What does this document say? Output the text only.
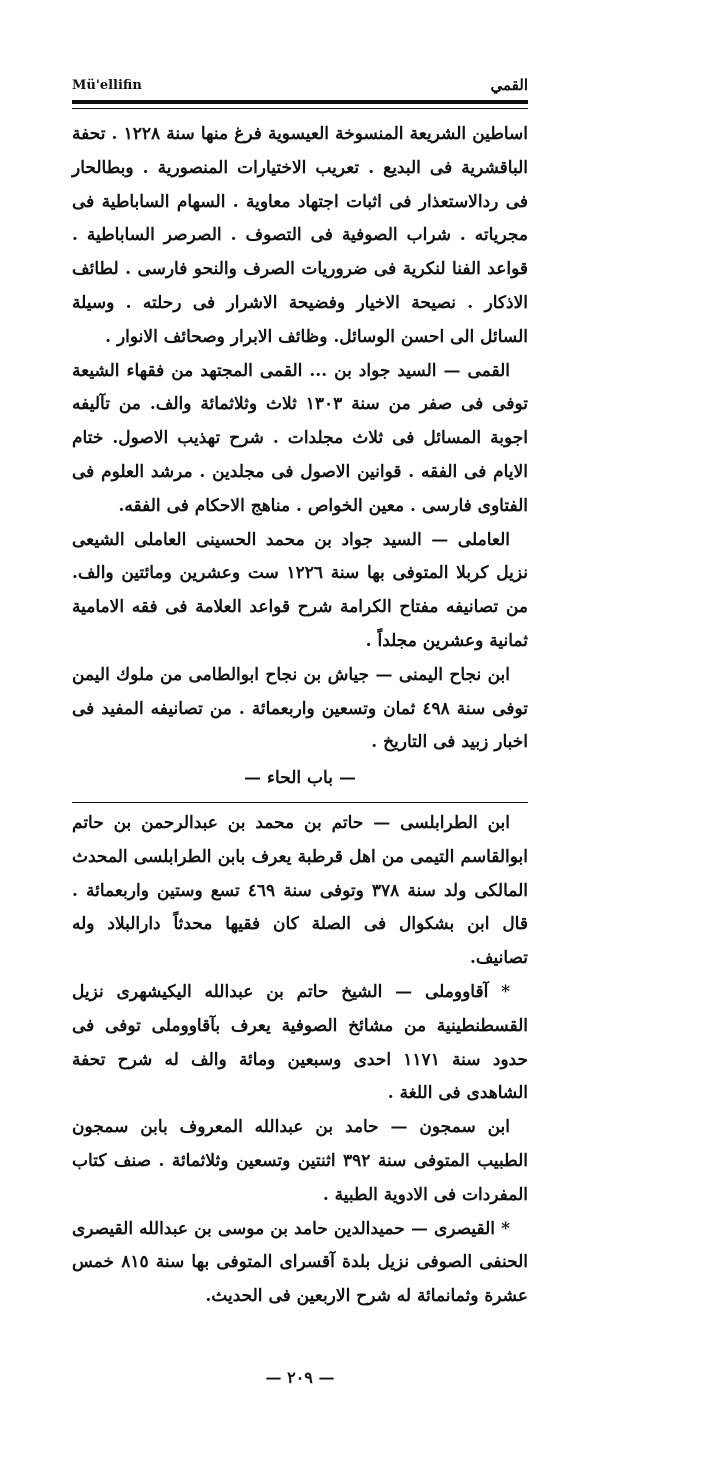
Mü'ellifin	القمي

اساطين الشريعة المنسوخة العيسوية فرغ منها سنة ١٢٢٨ . تحفة الباقشرية فى البديع . تعريب الاختيارات المنصورية . وبطالحار فى ردالاستعذار فى اثبات اجتهاد معاوية . السهام الساباطية فى مجرياته . شراب الصوفية فى التصوف . الصرصر الساباطية . قواعد الفنا لنكرية فى ضروريات الصرف والنحو فارسى . لطائف الاذكار . نصيحة الاخيار وفضيحة الاشرار فى رحلته . وسيلة السائل الى احسن الوسائل. وظائف الابرار وصحائف الانوار .

القمى — السيد جواد بن ... القمى المجتهد من فقهاء الشيعة توفى فى صفر من سنة ١٣٠٣ ثلاث وثلاثمائة والف. من تآليفه اجوبة المسائل فى ثلاث مجلدات . شرح تهذيب الاصول. ختام الايام فى الفقه . قوانين الاصول فى مجلدين . مرشد العلوم فى الفتاوى فارسى . معين الخواص . مناهج الاحكام فى الفقه.

العاملى — السيد جواد بن محمد الحسينى العاملى الشيعى نزيل كربلا المتوفى بها سنة ١٢٢٦ ست وعشرين ومائتين والف. من تصانيفه مفتاح الكرامة شرح قواعد العلامة فى فقه الامامية ثمانية وعشرين مجلداً .

ابن نجاح اليمنى — جياش بن نجاح ابوالطامى من ملوك اليمن توفى سنة ٤٩٨ ثمان وتسعين واربعمائة . من تصانيفه المفيد فى اخبار زبيد فى التاريخ .

— باب الحاء —

ابن الطرابلسى — حاتم بن محمد بن عبدالرحمن بن حاتم ابوالقاسم التيمى من اهل قرطبة يعرف بابن الطرابلسى المحدث المالكى ولد سنة ٣٧٨ وتوفى سنة ٤٦٩ تسع وستين واربعمائة . قال ابن بشكوال فى الصلة كان فقيها محدثاً دارالبلاد وله تصانيف.

* آقاووملى — الشيخ حاتم بن عبدالله اليكيشهرى نزيل القسطنطينية من مشائخ الصوفية يعرف بآقاووملى توفى فى حدود سنة ١١٧١ احدى وسبعين ومائة والف له شرح تحفة الشاهدى فى اللغة .

ابن سمجون — حامد بن عبدالله المعروف بابن سمجون الطبيب المتوفى سنة ٣٩٢ اثنتين وتسعين وثلاثمائة . صنف كتاب المفردات فى الادوية الطبية .

* القيصرى — حميدالدين حامد بن موسى بن عبدالله القيصرى الحنفى الصوفى نزيل بلدة آقسراى المتوفى بها سنة ٨١٥ خمس عشرة وثمانمائة له شرح الاربعين فى الحديث.

— ٢٠٩ —
